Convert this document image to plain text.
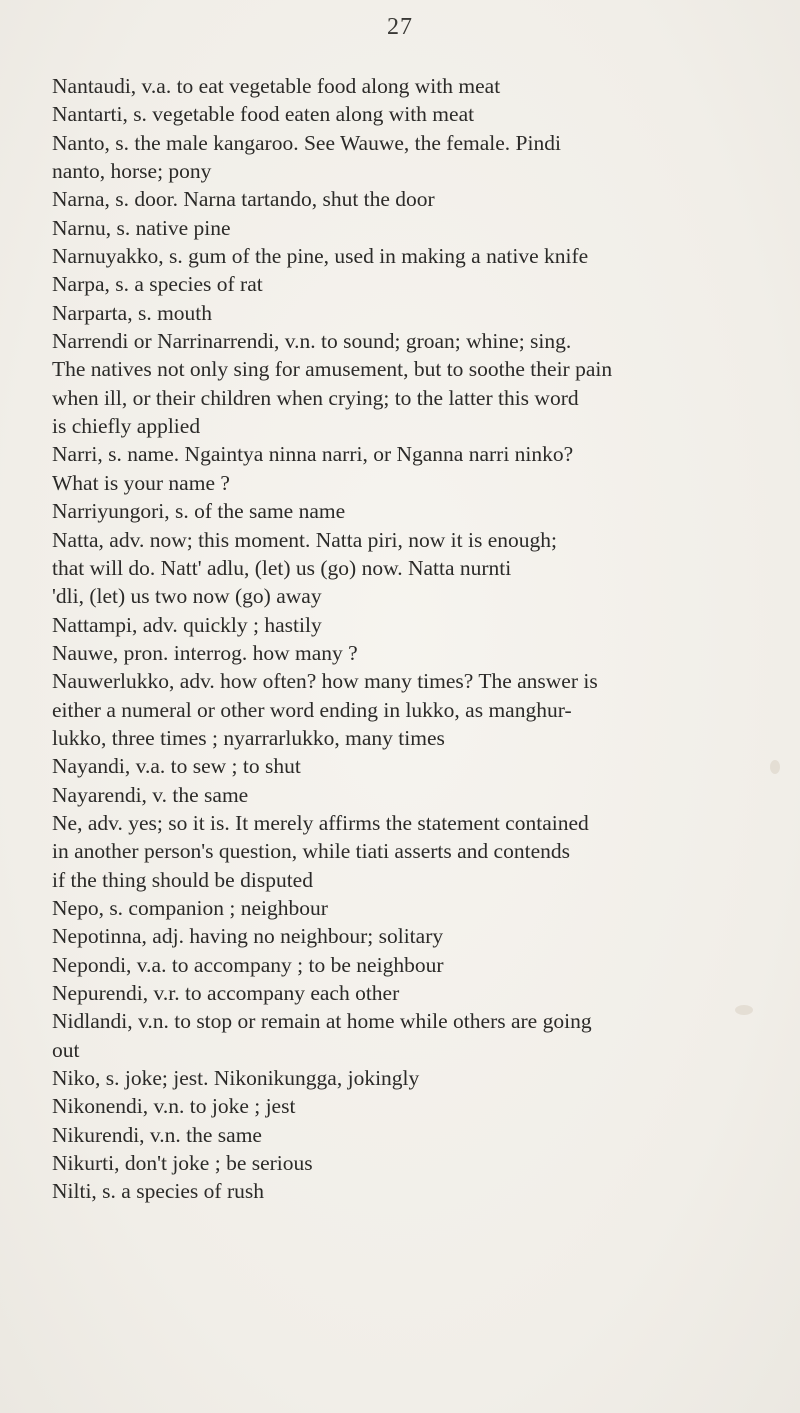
27
Nantaudi, v.a. to eat vegetable food along with meat
Nantarti, s. vegetable food eaten along with meat
Nanto, s. the male kangaroo. See Wauwe, the female. Pindi
nanto, horse; pony
Narna, s. door. Narna tartando, shut the door
Narnu, s. native pine
Narnuyakko, s. gum of the pine, used in making a native knife
Narpa, s. a species of rat
Narparta, s. mouth
Narrendi or Narrinarrendi, v.n. to sound; groan; whine; sing.
The natives not only sing for amusement, but to soothe their pain
when ill, or their children when crying; to the latter this word
is chiefly applied
Narri, s. name. Ngaintya ninna narri, or Nganna narri ninko?
What is your name ?
Narriyungori, s. of the same name
Natta, adv. now; this moment. Natta piri, now it is enough;
that will do. Natt' adlu, (let) us (go) now. Natta nurnti
'dli, (let) us two now (go) away
Nattampi, adv. quickly ; hastily
Nauwe, pron. interrog. how many ?
Nauwerlukko, adv. how often? how many times? The answer is
either a numeral or other word ending in lukko, as manghur-
lukko, three times ; nyarrarlukko, many times
Nayandi, v.a. to sew ; to shut
Nayarendi, v. the same
Ne, adv. yes; so it is. It merely affirms the statement contained
in another person's question, while tiati asserts and contends
if the thing should be disputed
Nepo, s. companion ; neighbour
Nepotinna, adj. having no neighbour; solitary
Nepondi, v.a. to accompany ; to be neighbour
Nepurendi, v.r. to accompany each other
Nidlandi, v.n. to stop or remain at home while others are going
out
Niko, s. joke; jest. Nikonikungga, jokingly
Nikonendi, v.n. to joke ; jest
Nikurendi, v.n. the same
Nikurti, don't joke ; be serious
Nilti, s. a species of rush
